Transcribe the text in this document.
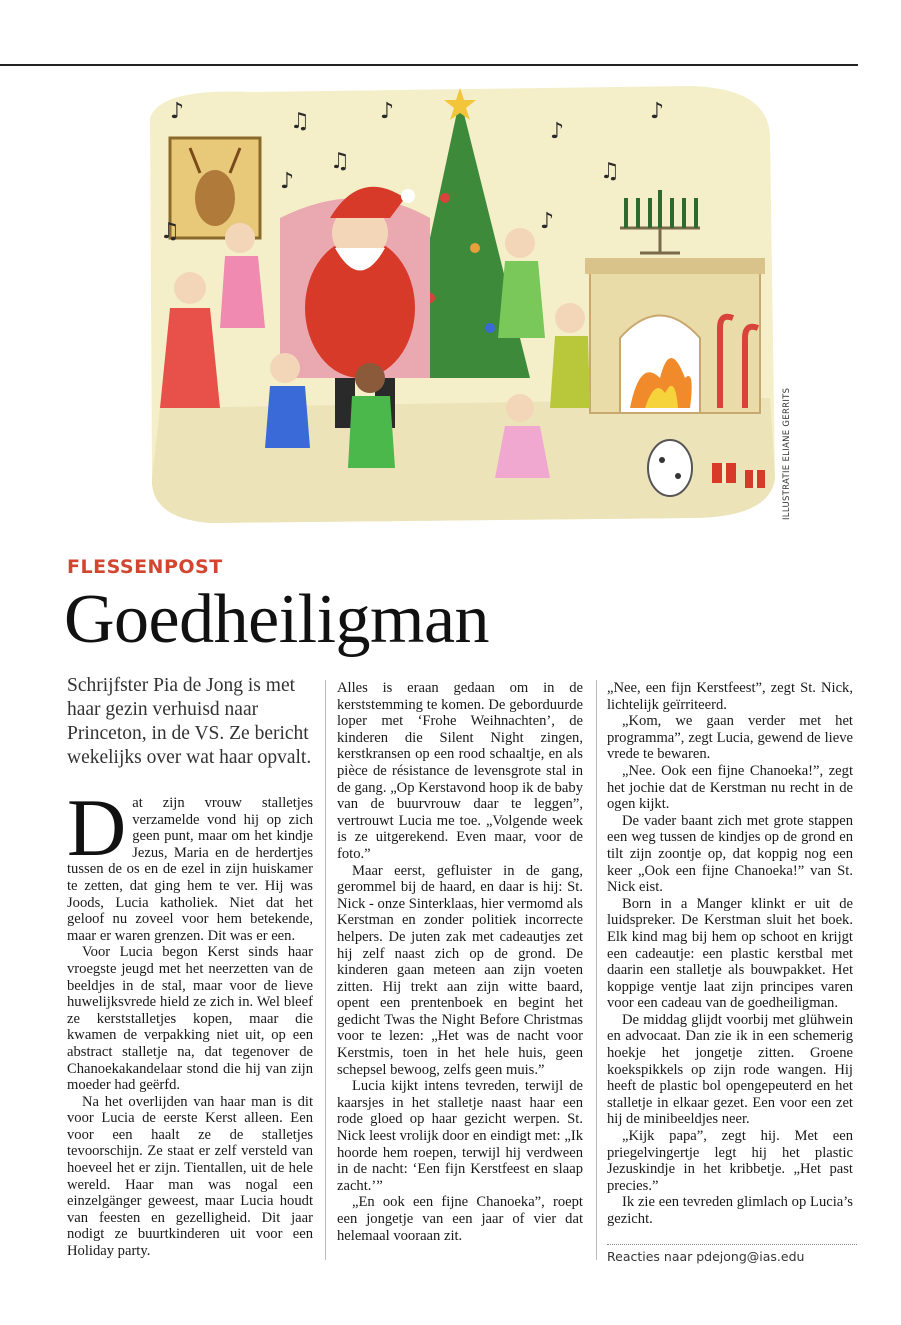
♪	♫	♪
♫
♪
♫
♪
♫
♪
♪
ILLUSTRATIE ELIANE GERRITS
FLESSENPOST
Goedheiligman

Schrijfster Pia de Jong is met haar gezin verhuisd naar Princeton, in de VS. Ze bericht wekelijks over wat haar opvalt.

Dat zijn vrouw stalletjes verzamelde vond hij op zich geen punt, maar om het kindje Jezus, Maria en de herdertjes tussen de os en de ezel in zijn huiskamer te zetten, dat ging hem te ver. Hij was Joods, Lucia katholiek. Niet dat het geloof nu zoveel voor hem betekende, maar er waren grenzen. Dit was er een.

Voor Lucia begon Kerst sinds haar vroegste jeugd met het neerzetten van de beeldjes in de stal, maar voor de lieve huwelijksvrede hield ze zich in. Wel bleef ze kerststalletjes kopen, maar die kwamen de verpakking niet uit, op een abstract stalletje na, dat tegenover de Chanoekakandelaar stond die hij van zijn moeder had geërfd.

Na het overlijden van haar man is dit voor Lucia de eerste Kerst alleen. Een voor een haalt ze de stalletjes tevoorschijn. Ze staat er zelf versteld van hoeveel het er zijn. Tientallen, uit de hele wereld. Haar man was nogal een einzelgänger geweest, maar Lucia houdt van feesten en gezelligheid. Dit jaar nodigt ze buurtkinderen uit voor een Holiday party.

Alles is eraan gedaan om in de kerststemming te komen. De geborduurde loper met ‘Frohe Weihnachten’, de kinderen die Silent Night zingen, kerstkransen op een rood schaaltje, en als pièce de résistance de levensgrote stal in de gang. „Op Kerstavond hoop ik de baby van de buurvrouw daar te leggen”, vertrouwt Lucia me toe. „Volgende week is ze uitgerekend. Even maar, voor de foto.”

Maar eerst, gefluister in de gang, gerommel bij de haard, en daar is hij: St. Nick - onze Sinterklaas, hier vermomd als Kerstman en zonder politiek incorrecte helpers. De juten zak met cadeautjes zet hij zelf naast zich op de grond. De kinderen gaan meteen aan zijn voeten zitten. Hij trekt aan zijn witte baard, opent een prentenboek en begint het gedicht Twas the Night Before Christmas voor te lezen: „Het was de nacht voor Kerstmis, toen in het hele huis, geen schepsel bewoog, zelfs geen muis.”

Lucia kijkt intens tevreden, terwijl de kaarsjes in het stalletje naast haar een rode gloed op haar gezicht werpen. St. Nick leest vrolijk door en eindigt met: „Ik hoorde hem roepen, terwijl hij verdween in de nacht: ‘Een fijn Kerstfeest en slaap zacht.’”

„En ook een fijne Chanoeka”, roept een jongetje van een jaar of vier dat helemaal vooraan zit.

„Nee, een fijn Kerstfeest”, zegt St. Nick, lichtelijk geïrriteerd.

„Kom, we gaan verder met het programma”, zegt Lucia, gewend de lieve vrede te bewaren.

„Nee. Ook een fijne Chanoeka!”, zegt het jochie dat de Kerstman nu recht in de ogen kijkt.

De vader baant zich met grote stappen een weg tussen de kindjes op de grond en tilt zijn zoontje op, dat koppig nog een keer „Ook een fijne Chanoeka!” van St. Nick eist.

Born in a Manger klinkt er uit de luidspreker. De Kerstman sluit het boek. Elk kind mag bij hem op schoot en krijgt een cadeautje: een plastic kerstbal met daarin een stalletje als bouwpakket. Het koppige ventje laat zijn principes varen voor een cadeau van de goedheiligman.

De middag glijdt voorbij met glühwein en advocaat. Dan zie ik in een schemerig hoekje het jongetje zitten. Groene koekspikkels op zijn rode wangen. Hij heeft de plastic bol opengepeuterd en het stalletje in elkaar gezet. Een voor een zet hij de minibeeldjes neer.

„Kijk papa”, zegt hij. Met een priegelvingertje legt hij het plastic Jezuskindje in het kribbetje. „Het past precies.”

Ik zie een tevreden glimlach op Lucia’s gezicht.

Reacties naar pdejong@ias.edu
